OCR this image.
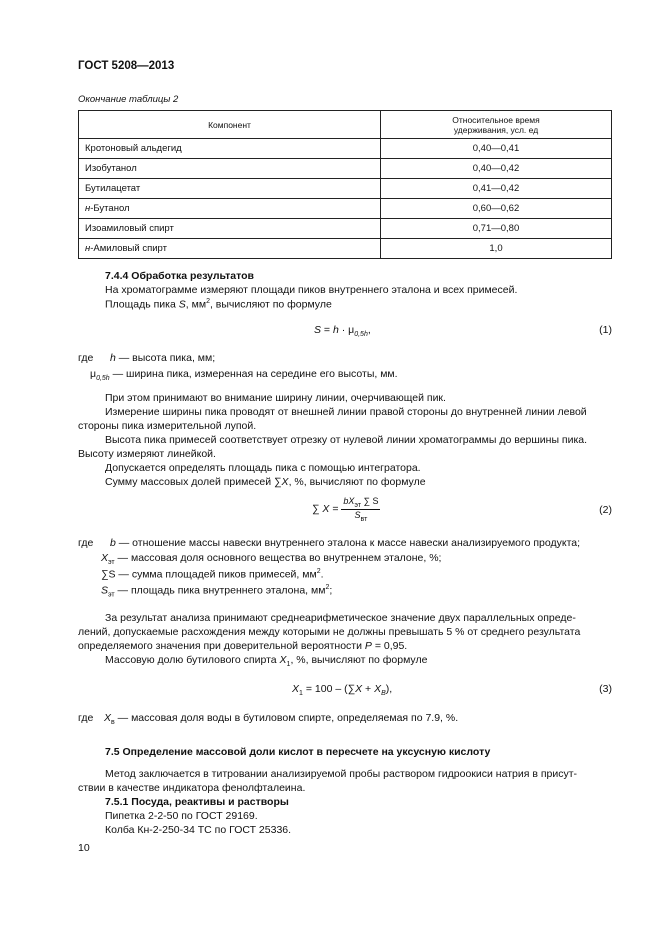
ГОСТ 5208—2013
Окончание таблицы 2
Компонент	Относительное время
удерживания, усл. ед
Кротоновый альдегид	0,40—0,41
Изобутанол	0,40—0,42
Бутилацетат	0,41—0,42
н-Бутанол	0,60—0,62
Изоамиловый спирт	0,71—0,80
н-Амиловый спирт	1,0
7.4.4 Обработка результатов
На хроматограмме измеряют площади пиков внутреннего эталона и всех примесей.
Площадь пика S, $мм^2$, вычисляют по формуле
$S = h \cdot \mu_{0,5h}$,	(1)
где h — высота пика, мм;
$\mu_{0,5h}$ — ширина пика, измеренная на середине его высоты, мм.
При этом принимают во внимание ширину линии, очерчивающей пик.
Измерение ширины пика проводят от внешней линии правой стороны до внутренней линии левой
стороны пика измерительной лупой.
Высота пика примесей соответствует отрезку от нулевой линии хроматограммы до вершины пика.
Высоту измеряют линейкой.
Допускается определять площадь пика с помощью интегратора.
Сумму массовых долей примесей ∑X, %, вычисляют по формуле
∑ $X = \frac{bX_{эт} \sum S}{S_{вт}}$	(2)
где b — отношение массы навески внутреннего эталона к массе навески анализируемого продукта;
$X_{эт}$ — массовая доля основного вещества во внутреннем эталоне, %;
∑S — сумма площадей пиков примесей, $мм^2$.
$S_{эт}$ — площадь пика внутреннего эталона, $мм^2$;
За результат анализа принимают среднеарифметическое значение двух параллельных опреде-
лений, допускаемые расхождения между которыми не должны превышать 5 % от среднего результата
определяемого значения при доверительной вероятности P = 0,95.
Массовую долю бутилового спирта $X_1$, %, вычисляют по формуле
$X_1 = 100 - (\sum X + X_B)$,	(3)
где $X_в$ — массовая доля воды в бутиловом спирте, определяемая по 7.9, %.
7.5 Определение массовой доли кислот в пересчете на уксусную кислоту
Метод заключается в титровании анализируемой пробы раствором гидроокиси натрия в присут-
ствии в качестве индикатора фенолфталеина.
7.5.1 Посуда, реактивы и растворы
Пипетка 2-2-50 по ГОСТ 29169.
Колба Кн-2-250-34 ТС по ГОСТ 25336.
10
